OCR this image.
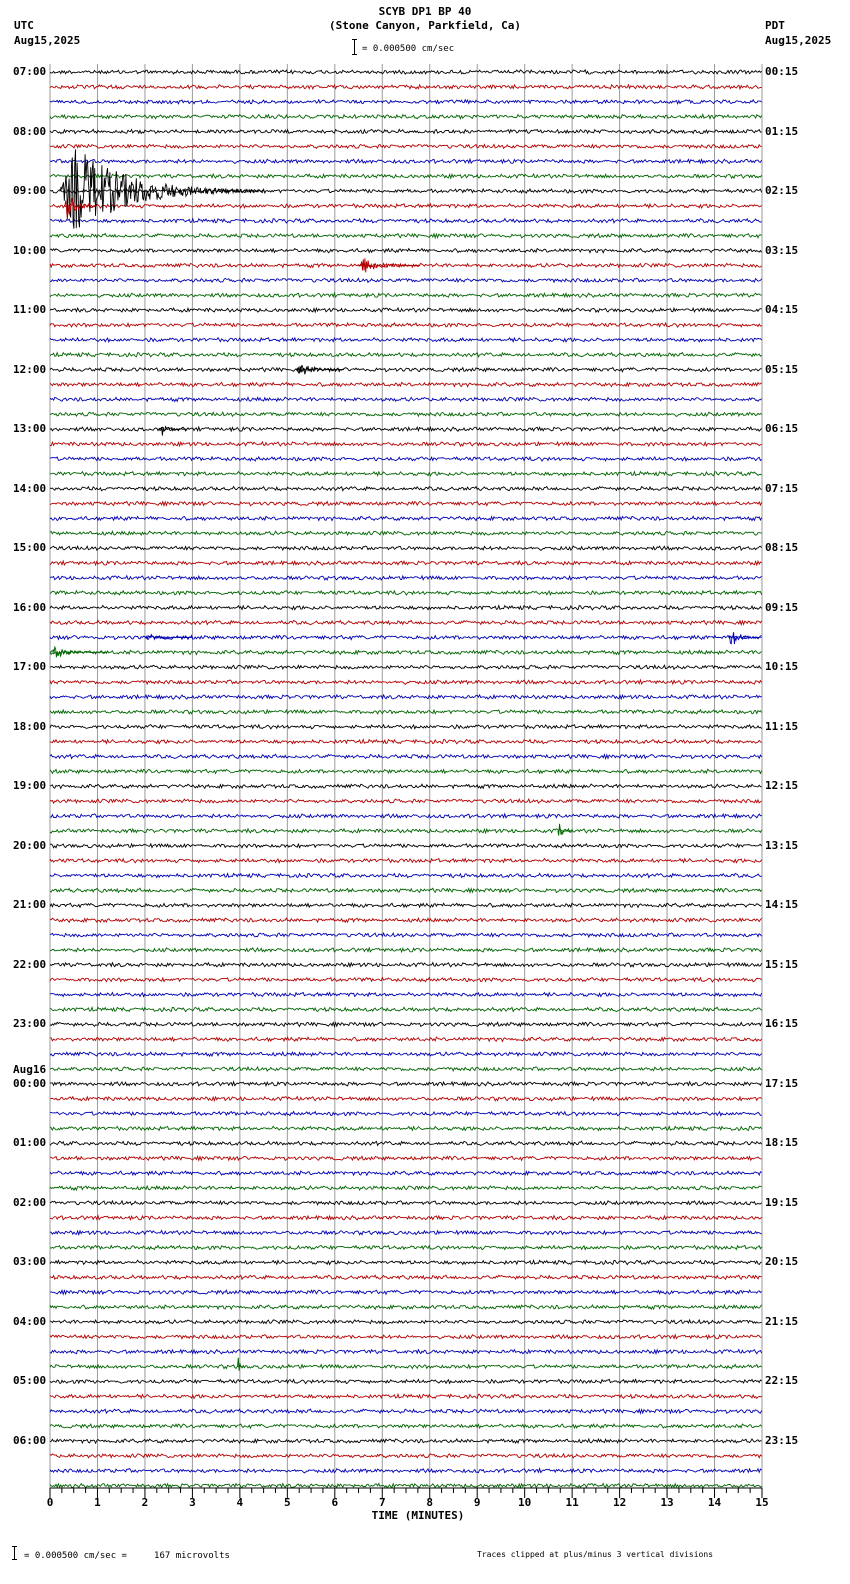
SCYB DP1 BP 40
(Stone Canyon, Parkfield, Ca)
= 0.000500 cm/sec
UTC
Aug15,2025
PDT
Aug15,2025
07:00
08:00
09:00
10:00
11:00
12:00
13:00
14:00
15:00
16:00
17:00
18:00
19:00
20:00
21:00
22:00
23:00
Aug16
00:00
01:00
02:00
03:00
04:00
05:00
06:00
00:15
01:15
02:15
03:15
04:15
05:15
06:15
07:15
08:15
09:15
10:15
11:15
12:15
13:15
14:15
15:15
16:15
17:15
18:15
19:15
20:15
21:15
22:15
23:15
0	1	2	3	4	5	6	7	8	9	10	11	12	13	14	15
TIME (MINUTES)
= 0.000500 cm/sec =     167 microvolts	Traces clipped at plus/minus 3 vertical divisions
